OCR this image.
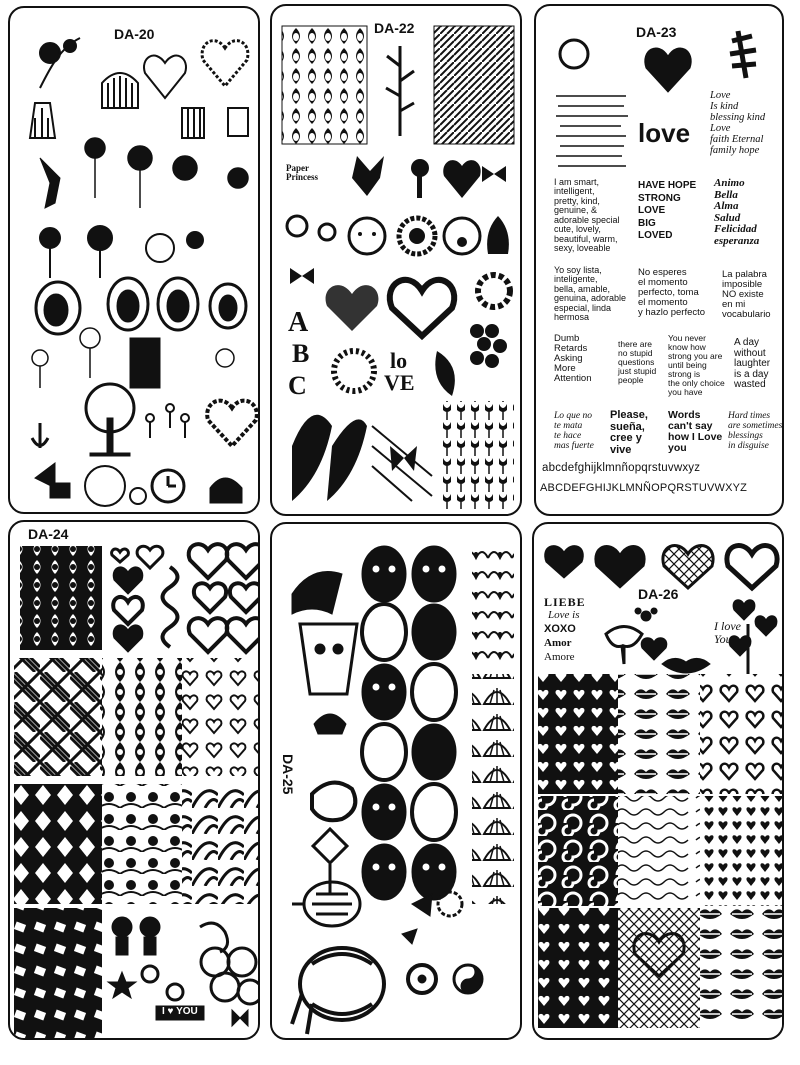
DA-20	DA-22
Paper Princess
A
B
C
lo
VE
DA-23
love
Love
Is kind
blessing kind
Love
faith Eternal
family hope
I am smart,
intelligent,
pretty, kind,
genuine, &
adorable special
cute, lovely,
beautiful, warm,
sexy, loveable
HAVE HOPE
STRONG
LOVE
BIG
LOVED
Animo
Bella
Alma
Salud
Felicidad
esperanza
Yo soy lista,
inteligente,
bella, amable,
genuina, adorable
especial, linda
hermosa
No esperes
el momento
perfecto, toma
el momento
y hazlo perfecto
La palabra
imposible
NO existe
en mi
vocabulario
Dumb
Retards
Asking
More
Attention
there are
no stupid
questions
just stupid
people
You never
know how
strong you are
until being
strong is
the only choice
you have
A day
without
laughter
is a day
wasted
Lo que no
te mata
te hace
mas fuerte
Please,
sueña,
cree y
vive
Words
can't say
how I Love
you
Hard times
are sometimes
blessings
in disguise
abcdefghijklmnñopqrstuvwxyz
ABCDEFGHIJKLMNÑOPQRSTUVWXYZ
DA-24
I ♥ YOU
DA-25
DA-26
LIEBE
Love is
XOXO
Amor
Amore
I love You
